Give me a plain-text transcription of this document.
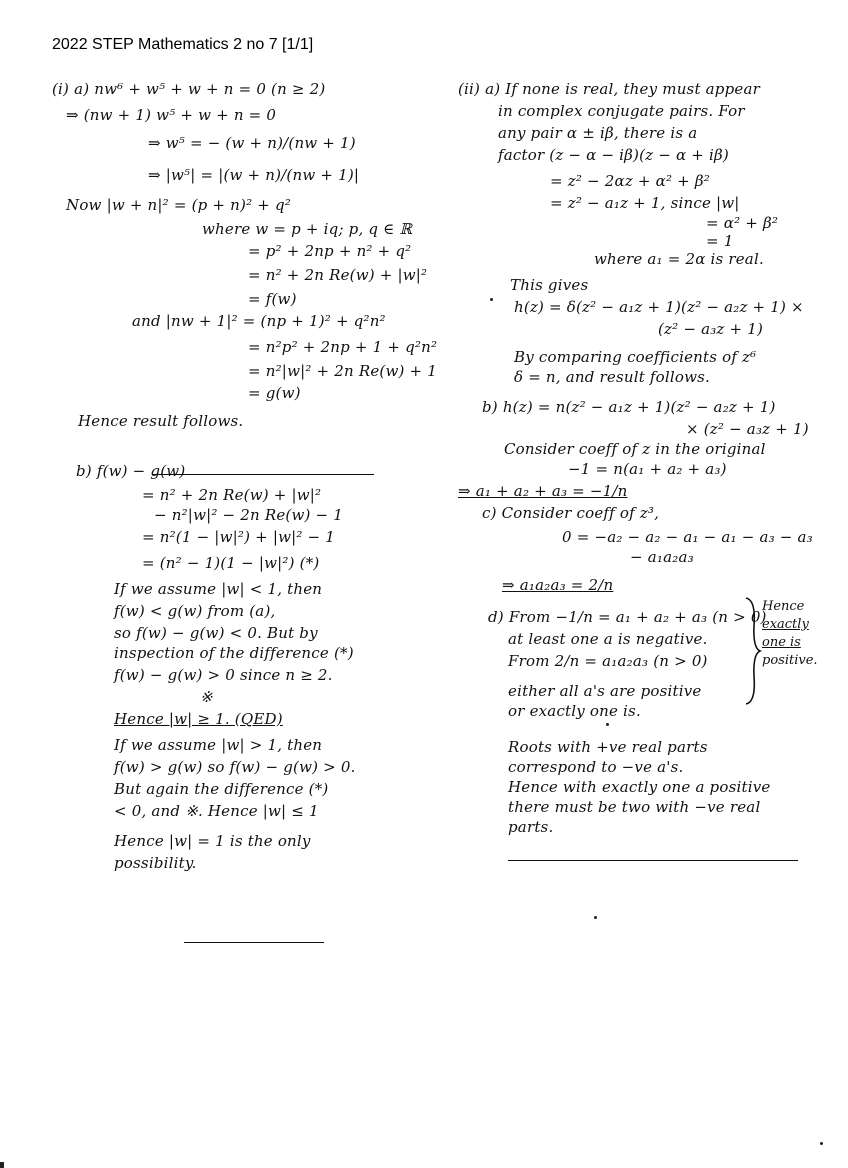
2022 STEP Mathematics 2 no 7 [1/1]
(i) a) nw⁶ + w⁵ + w + n = 0 (n ≥ 2)
⇒ (nw + 1) w⁵ + w + n = 0
⇒ w⁵ = − (w + n)/(nw + 1)
⇒ |w⁵| = |(w + n)/(nw + 1)|
Now |w + n|² = (p + n)² + q²
where w = p + iq; p, q ∈ ℝ
= p² + 2np + n² + q²
= n² + 2n Re(w) + |w|²
= f(w)
and |nw + 1|² = (np + 1)² + q²n²
= n²p² + 2np + 1 + q²n²
= n²|w|² + 2n Re(w) + 1
= g(w)
Hence result follows.
b) f(w) − g(w)
= n² + 2n Re(w) + |w|²
− n²|w|² − 2n Re(w) − 1
= n²(1 − |w|²) + |w|² − 1
= (n² − 1)(1 − |w|²) (*)
If we assume |w| < 1, then
f(w) < g(w) from (a),
so f(w) − g(w) < 0. But by
inspection of the difference (*)
f(w) − g(w) > 0 since n ≥ 2.
※
Hence |w| ≥ 1. (QED)
If we assume |w| > 1, then
f(w) > g(w) so f(w) − g(w) > 0.
But again the difference (*)
< 0, and ※. Hence |w| ≤ 1
Hence |w| = 1 is the only
possibility.
(ii) a) If none is real, they must appear
in complex conjugate pairs. For
any pair α ± iβ, there is a
factor (z − α − iβ)(z − α + iβ)
= z² − 2αz + α² + β²
= z² − a₁z + 1, since |w|
= α² + β²
= 1
where a₁ = 2α is real.
This gives
h(z) = δ(z² − a₁z + 1)(z² − a₂z + 1) ×
(z² − a₃z + 1)
By comparing coefficients of z⁶
δ = n, and result follows.
b) h(z) = n(z² − a₁z + 1)(z² − a₂z + 1)
× (z² − a₃z + 1)
Consider coeff of z in the original
−1 = n(a₁ + a₂ + a₃)
⇒ a₁ + a₂ + a₃ = −1/n
c) Consider coeff of z³,
0 = −a₂ − a₂ − a₁ − a₁ − a₃ − a₃
− a₁a₂a₃
⇒ a₁a₂a₃ = 2/n
d) From −1/n = a₁ + a₂ + a₃ (n > 0)
at least one a is negative.
From 2/n = a₁a₂a₃ (n > 0)
either all a's are positive
or exactly one is.
Roots with +ve real parts
correspond to −ve a's.
Hence with exactly one a positive
there must be two with −ve real
parts.
Hence
exactly
one is
positive.
